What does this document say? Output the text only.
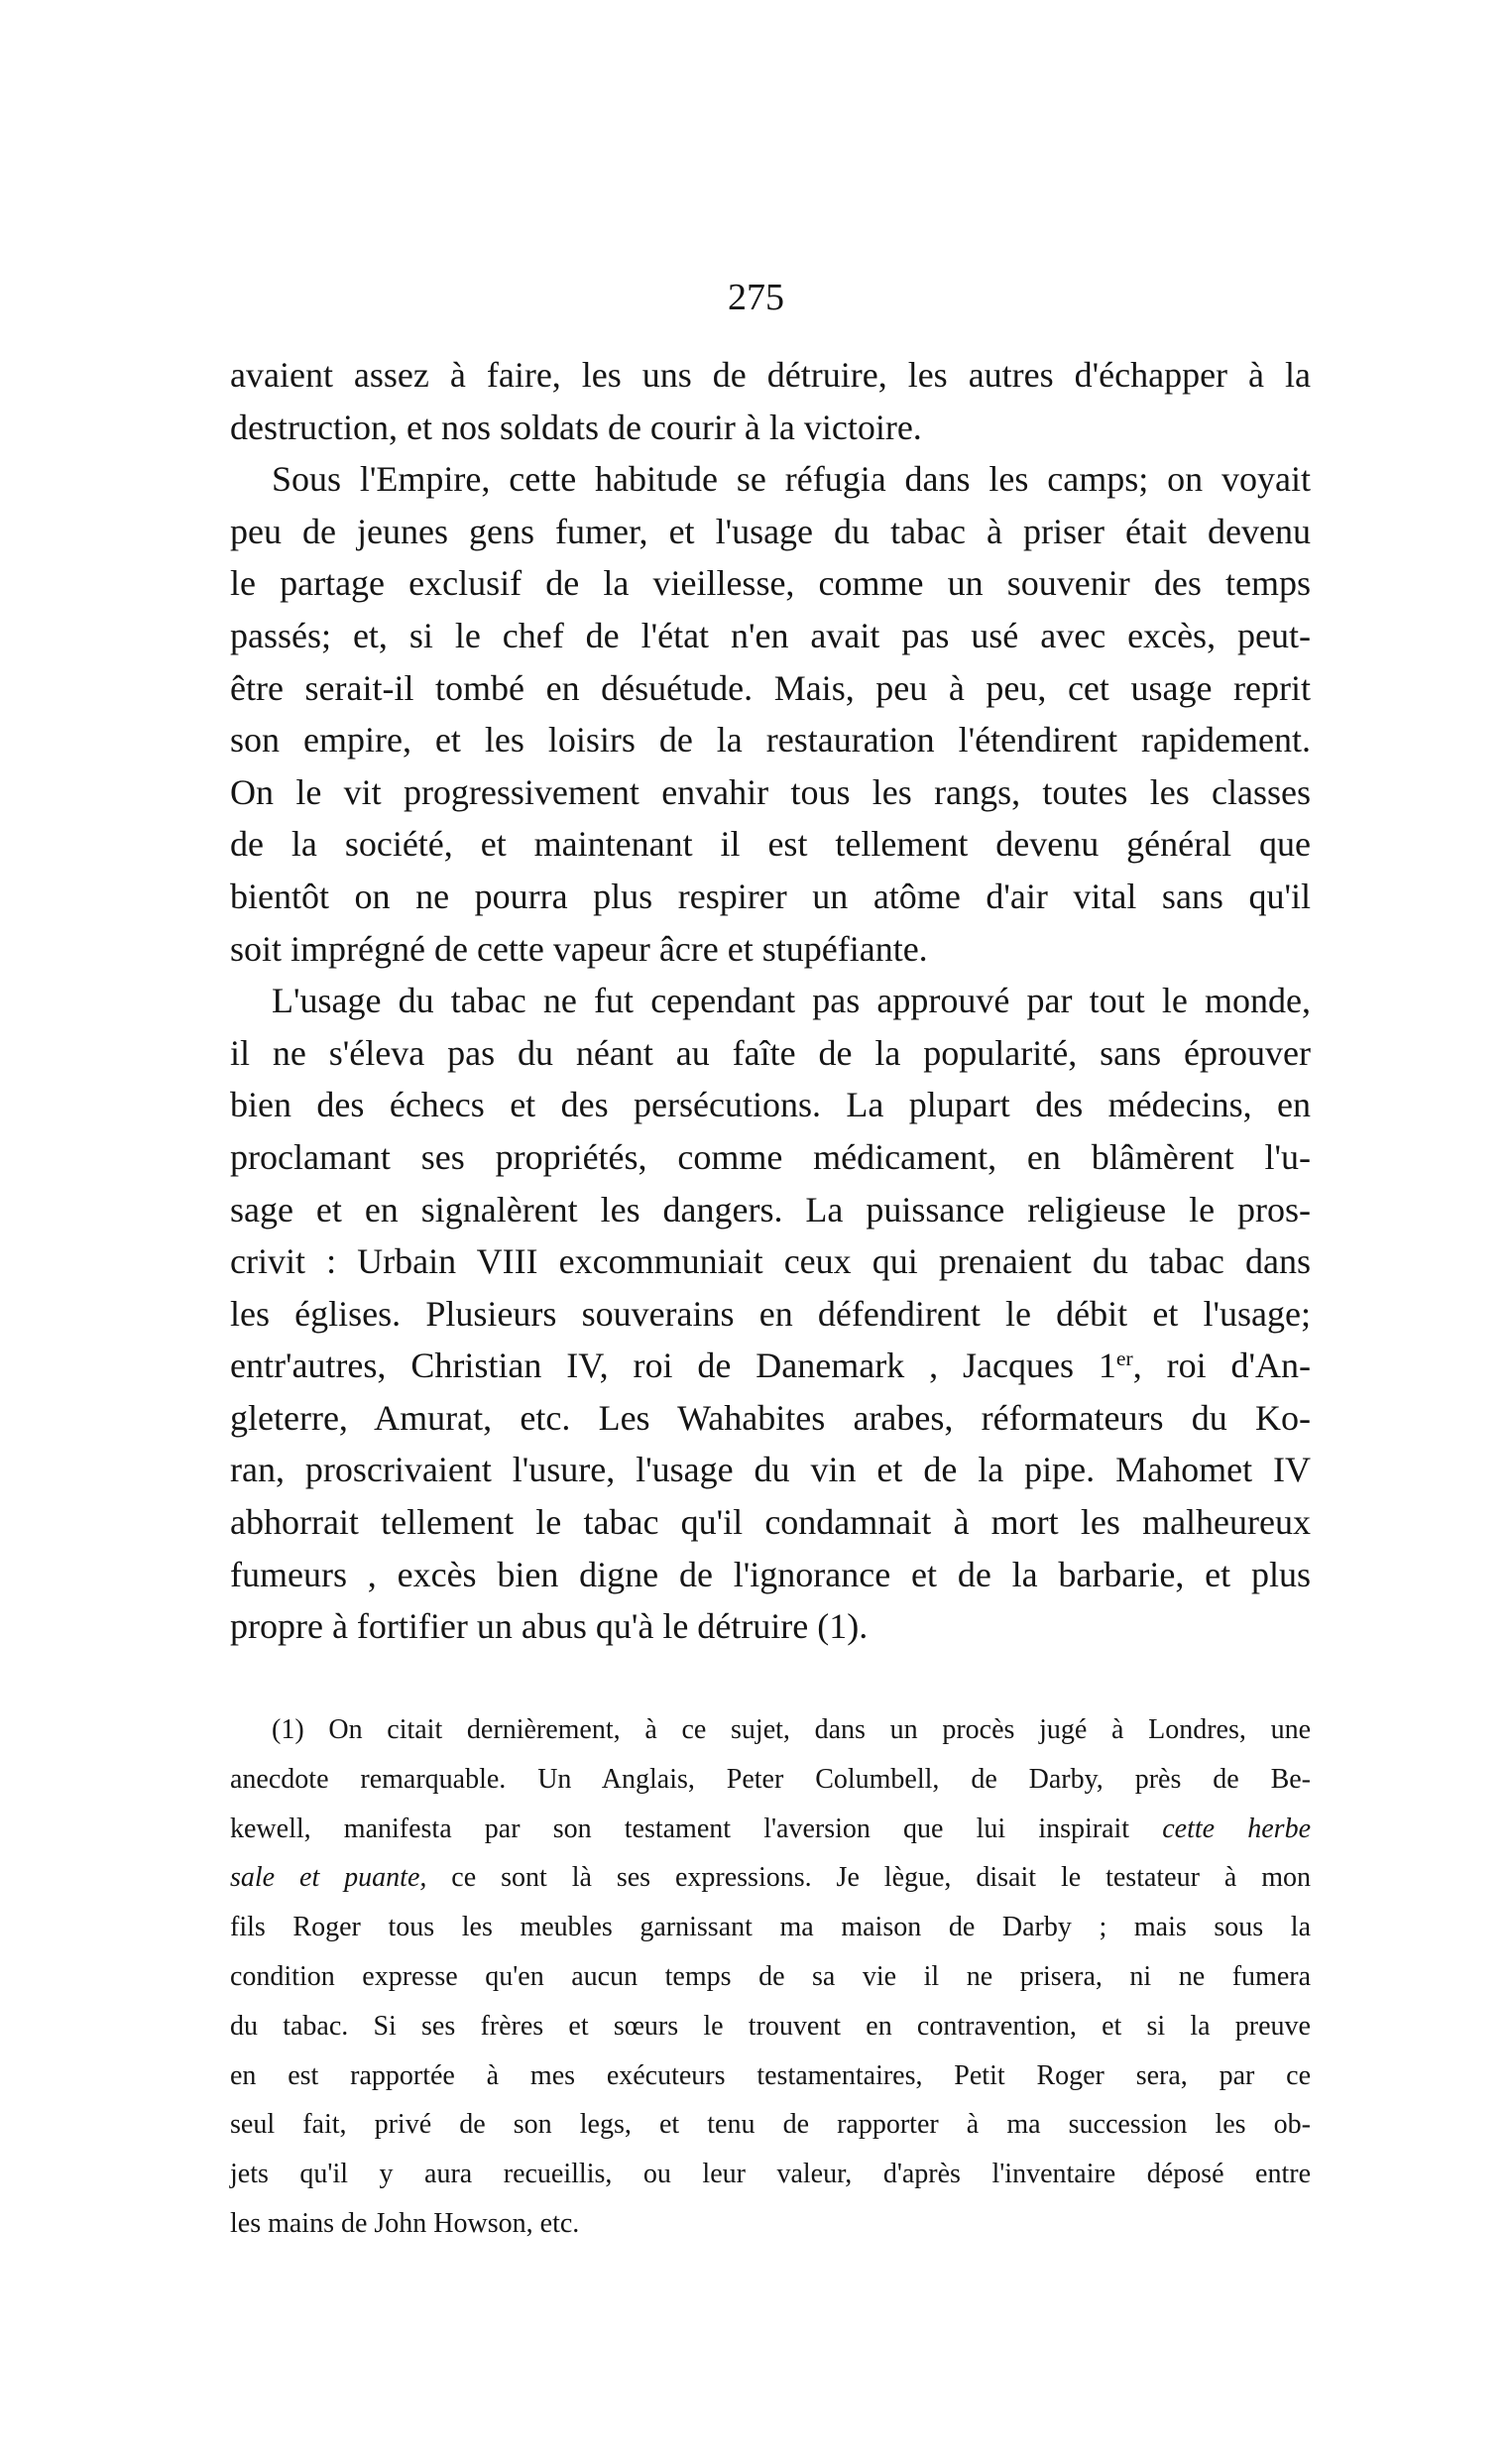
275
avaient assez à faire, les uns de détruire, les autres d'échapper à la
destruction, et nos soldats de courir à la victoire.
Sous l'Empire, cette habitude se réfugia dans les camps; on voyait
peu de jeunes gens fumer, et l'usage du tabac à priser était devenu
le partage exclusif de la vieillesse, comme un souvenir des temps
passés; et, si le chef de l'état n'en avait pas usé avec excès, peut-
être serait-il tombé en désuétude. Mais, peu à peu, cet usage reprit
son empire, et les loisirs de la restauration l'étendirent rapidement.
On le vit progressivement envahir tous les rangs, toutes les classes
de la société, et maintenant il est tellement devenu général que
bientôt on ne pourra plus respirer un atôme d'air vital sans qu'il
soit imprégné de cette vapeur âcre et stupéfiante.
L'usage du tabac ne fut cependant pas approuvé par tout le monde,
il ne s'éleva pas du néant au faîte de la popularité, sans éprouver
bien des échecs et des persécutions. La plupart des médecins, en
proclamant ses propriétés, comme médicament, en blâmèrent l'u-
sage et en signalèrent les dangers. La puissance religieuse le pros-
crivit : Urbain VIII excommuniait ceux qui prenaient du tabac dans
les églises. Plusieurs souverains en défendirent le débit et l'usage;
entr'autres, Christian IV, roi de Danemark , Jacques 1er, roi d'An-
gleterre, Amurat, etc. Les Wahabites arabes, réformateurs du Ko-
ran, proscrivaient l'usure, l'usage du vin et de la pipe. Mahomet IV
abhorrait tellement le tabac qu'il condamnait à mort les malheureux
fumeurs , excès bien digne de l'ignorance et de la barbarie, et plus
propre à fortifier un abus qu'à le détruire (1).
(1) On citait dernièrement, à ce sujet, dans un procès jugé à Londres, une
anecdote remarquable. Un Anglais, Peter Columbell, de Darby, près de Be-
kewell, manifesta par son testament l'aversion que lui inspirait cette herbe
sale et puante, ce sont là ses expressions. Je lègue, disait le testateur à mon
fils Roger tous les meubles garnissant ma maison de Darby ; mais sous la
condition expresse qu'en aucun temps de sa vie il ne prisera, ni ne fumera
du tabac. Si ses frères et sœurs le trouvent en contravention, et si la preuve
en est rapportée à mes exécuteurs testamentaires, Petit Roger sera, par ce
seul fait, privé de son legs, et tenu de rapporter à ma succession les ob-
jets qu'il y aura recueillis, ou leur valeur, d'après l'inventaire déposé entre
les mains de John Howson, etc.
